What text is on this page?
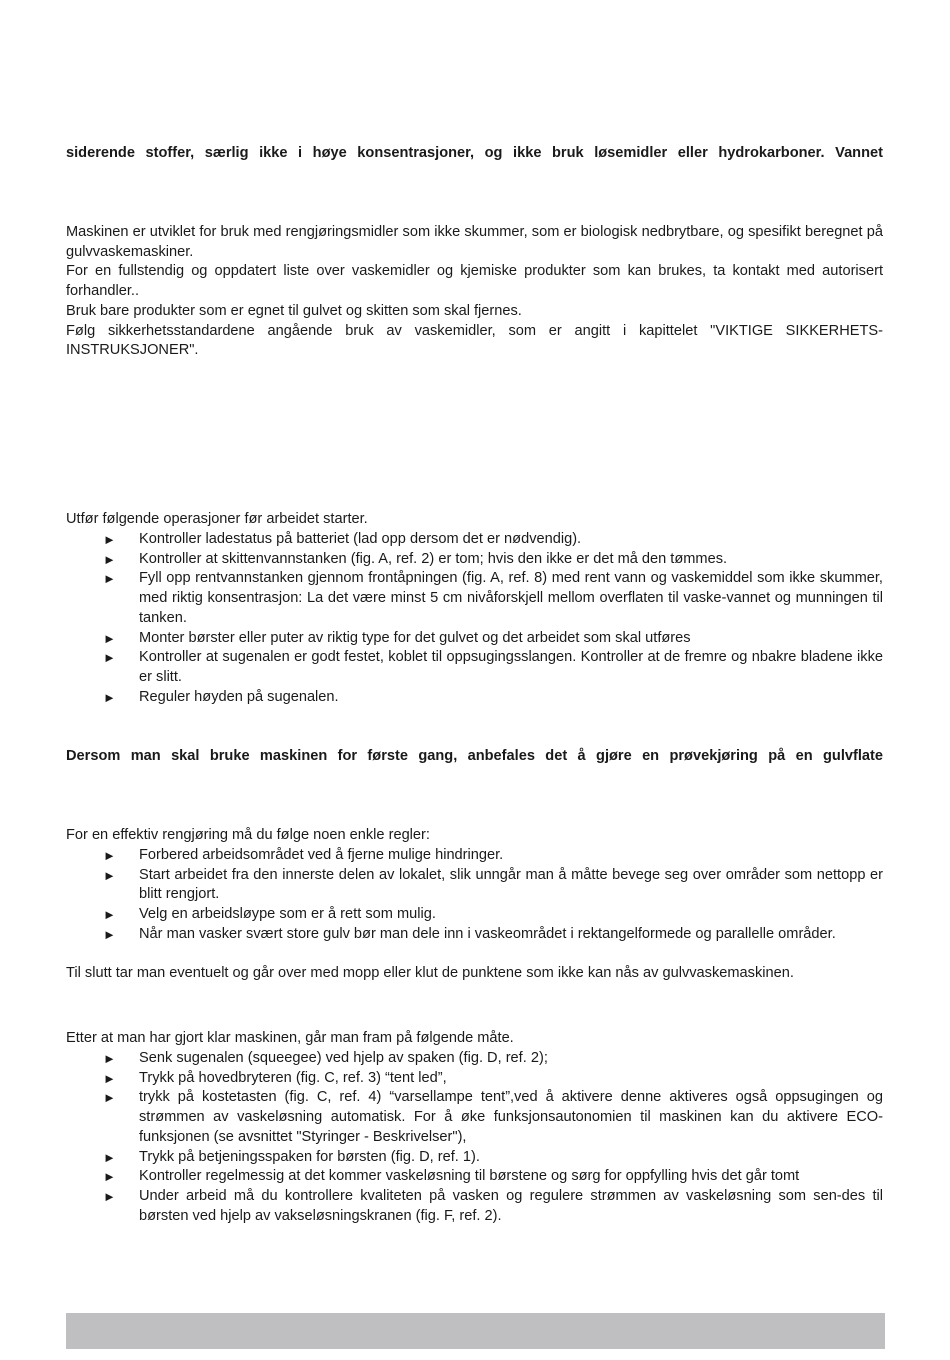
siderende stoffer, særlig ikke i høye konsentrasjoner, og ikke bruk løsemidler eller hydrokarboner. Vannet
Maskinen er utviklet for bruk med rengjøringsmidler som ikke skummer, som er biologisk nedbrytbare, og spesifikt beregnet på gulvvaskemaskiner.
For en fullstendig og oppdatert liste over vaskemidler og kjemiske produkter som kan brukes, ta kontakt med autorisert forhandler..
Bruk bare produkter som er egnet til gulvet og skitten som skal fjernes.
Følg sikkerhetsstandardene angående bruk av vaskemidler, som er angitt i kapittelet "VIKTIGE SIKKERHETS-INSTRUKSJONER".
Utfør følgende operasjoner før arbeidet starter.
► Kontroller ladestatus på batteriet (lad opp dersom det er nødvendig).
► Kontroller at skittenvannstanken (fig. A, ref. 2) er tom; hvis den ikke er det må den tømmes.
► Fyll opp rentvannstanken gjennom frontåpningen (fig. A, ref. 8) med rent vann og vaskemiddel som ikke skummer, med riktig konsentrasjon: La det være minst 5 cm nivåforskjell mellom overflaten til vaske-vannet og munningen til tanken.
► Monter børster eller puter av riktig type for det gulvet og det arbeidet som skal utføres
► Kontroller at sugenalen er godt festet, koblet til oppsugingsslangen. Kontroller at de fremre og nbakre bladene ikke er slitt.
► Reguler høyden på sugenalen.
Dersom man skal bruke maskinen for første gang, anbefales det å gjøre en prøvekjøring på en gulvflate
For en effektiv rengjøring må du følge noen enkle regler:
► Forbered arbeidsområdet ved å fjerne mulige hindringer.
► Start arbeidet fra den innerste delen av lokalet, slik unngår man å måtte bevege seg over områder som nettopp er blitt rengjort.
► Velg en arbeidsløype som er å rett som mulig.
► Når man vasker svært store gulv bør man dele inn i vaskeområdet i rektangelformede og parallelle områder.
Til slutt tar man eventuelt og går over med mopp eller klut de punktene som ikke kan nås av gulvvaskemaskinen.
Etter at man har gjort klar maskinen, går man fram på følgende måte.
► Senk sugenalen (squeegee) ved hjelp av spaken (fig. D, ref. 2);
► Trykk på hovedbryteren (fig. C, ref. 3) “tent led”,
► trykk på kostetasten (fig. C, ref. 4) “varsellampe tent”,ved å aktivere denne aktiveres også oppsugingen og strømmen av vaskeløsning automatisk. For å øke funksjonsautonomien til maskinen kan du aktivere ECO-funksjonen (se avsnittet "Styringer - Beskrivelser"),
► Trykk på betjeningsspaken for børsten (fig. D, ref. 1).
► Kontroller regelmessig at det kommer vaskeløsning til børstene og sørg for oppfylling hvis det går tomt
► Under arbeid må du kontrollere kvaliteten på vasken og regulere strømmen av vaskeløsning som sen-des til børsten ved hjelp av vakseløsningskranen (fig. F, ref. 2).
